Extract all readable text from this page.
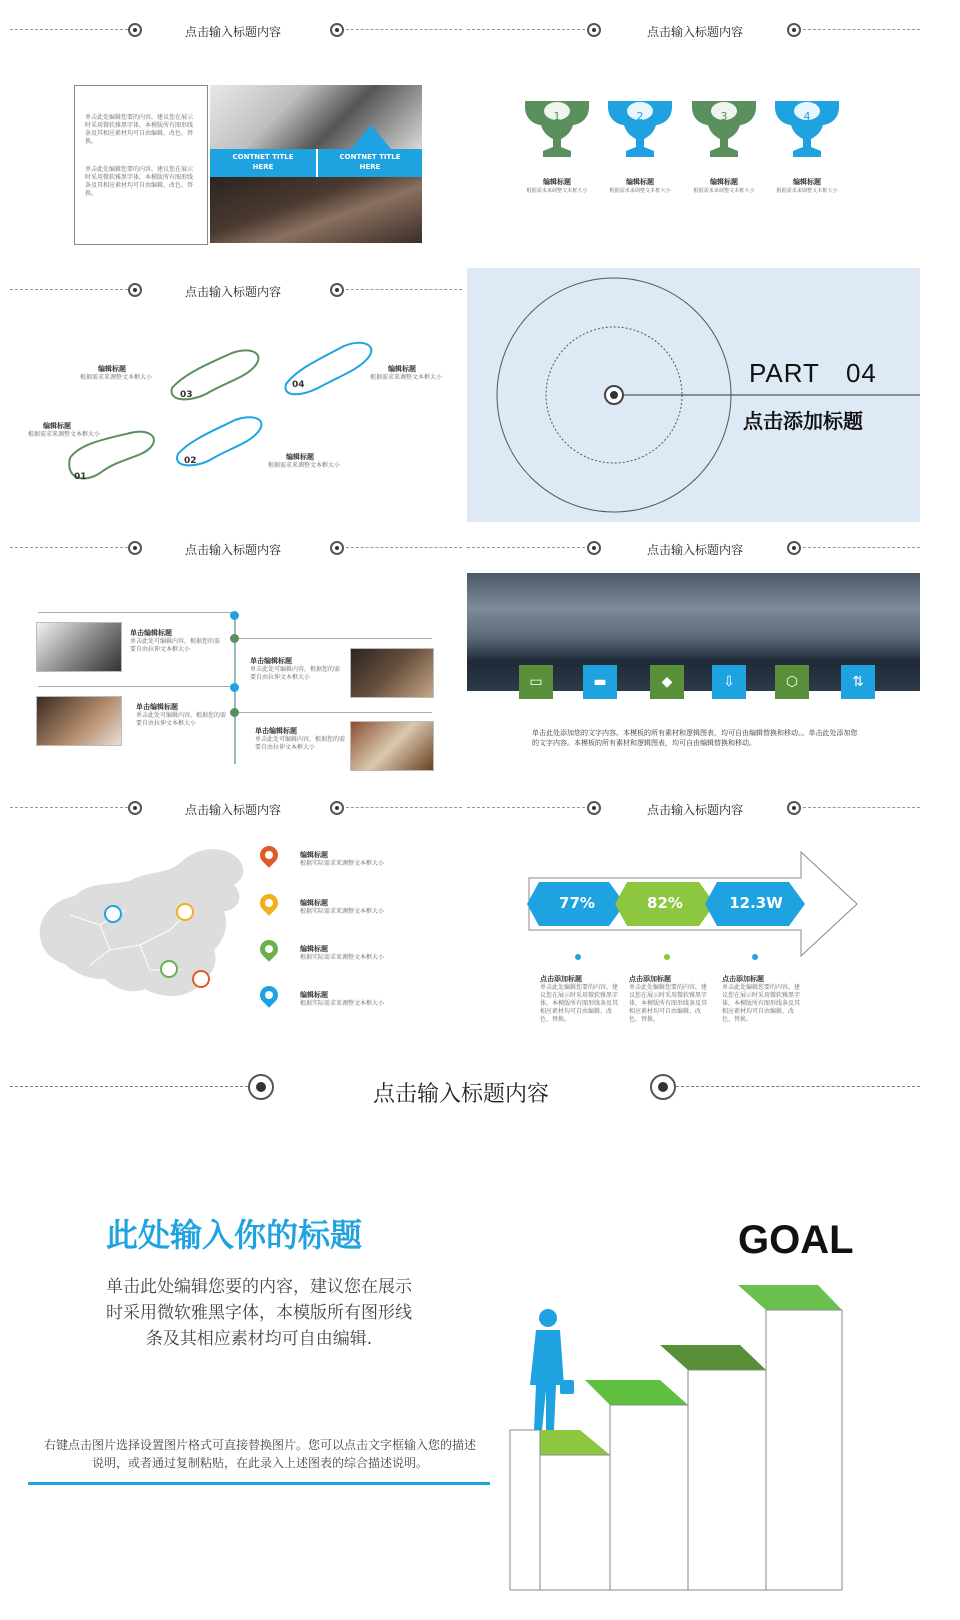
点击输入标题内容
单击此处编辑您要的内容，建议您在展示时采用微软雅黑字体，本模版所有图形线条及其相应素材均可自由编辑、改色、替换。
单击此处编辑您要的内容，建议您在展示时采用微软雅黑字体，本模版所有图形线条及其相应素材均可自由编辑、改色、替换。
CONTNET TITLE HERE
CONTNET TITLE HERE
点击输入标题内容
1
编辑标题
根据需求来调整文本框大小
2
编辑标题
根据需求来调整文本框大小
3
编辑标题
根据需求来调整文本框大小
4
编辑标题
根据需求来调整文本框大小
点击输入标题内容
01
02
03
04
编辑标题
根据需求来调整文本框大小
编辑标题
根据需求来调整文本框大小
编辑标题
根据需求来调整文本框大小
编辑标题
根据需求来调整文本框大小	PART 04
点击添加标题
点击输入标题内容
单击编辑标题
单击此处可编辑内容，根据您的需要自由拉伸文本框大小
单击编辑标题
单击此处可编辑内容，根据您的需要自由拉伸文本框大小
单击编辑标题
单击此处可编辑内容，根据您的需要自由拉伸文本框大小
单击编辑标题
单击此处可编辑内容，根据您的需要自由拉伸文本框大小
点击输入标题内容
▭	▬	◆	⇩	⬡	⇅
单击此处添加您的文字内容。本模板的所有素材和逻辑图表，均可自由编辑替换和移动。。单击此处添加您的文字内容。本模板的所有素材和逻辑图表，均可自由编辑替换和移动。
点击输入标题内容
编辑标题
根据实际需求来调整文本框大小
编辑标题
根据实际需求来调整文本框大小
编辑标题
根据实际需求来调整文本框大小
编辑标题
根据实际需求来调整文本框大小
点击输入标题内容
77%	82%	12.3W
点击添加标题
单击此处编辑您要的内容，建议您在展示时采用微软雅黑字体，本模版所有图形线条及其相应素材均可自由编辑、改色、替换。
点击添加标题
单击此处编辑您要的内容，建议您在展示时采用微软雅黑字体，本模版所有图形线条及其相应素材均可自由编辑、改色、替换。
点击添加标题
单击此处编辑您要的内容，建议您在展示时采用微软雅黑字体，本模版所有图形线条及其相应素材均可自由编辑、改色、替换。
点击输入标题内容
此处输入你的标题
单击此处编辑您要的内容，建议您在展示时采用微软雅黑字体，本模版所有图形线条及其相应素材均可自由编辑.
右键点击图片选择设置图片格式可直接替换图片。您可以点击文字框输入您的描述说明，或者通过复制粘贴，在此录入上述图表的综合描述说明。
GOAL
